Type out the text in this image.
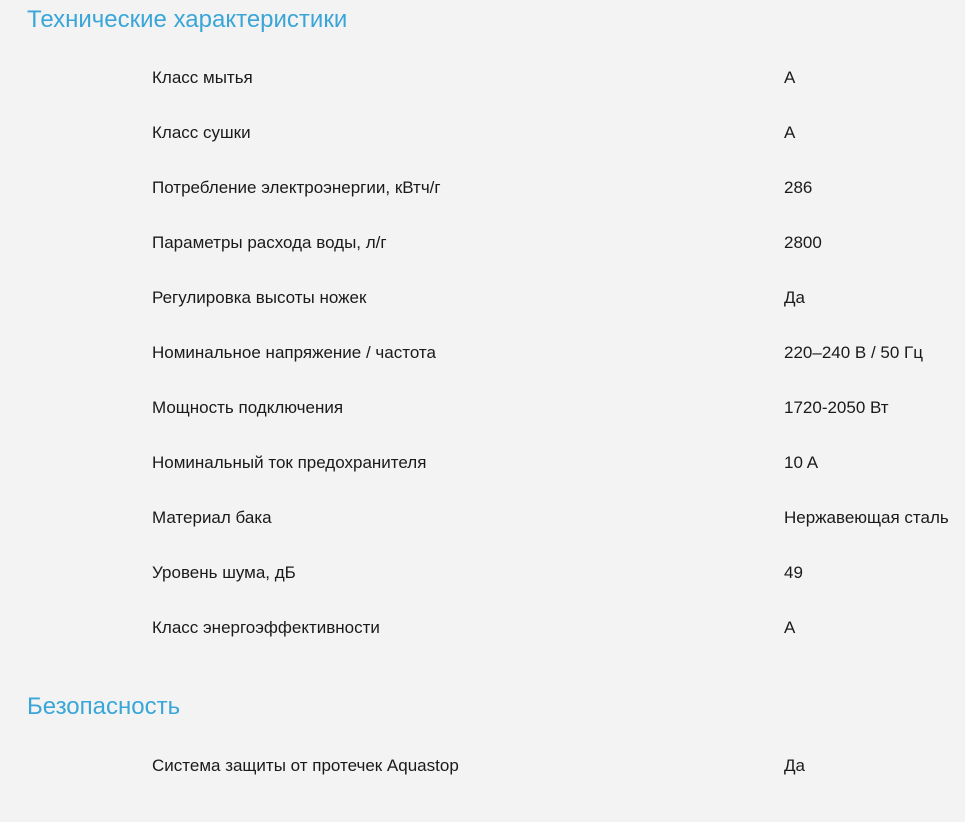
Технические характеристики
Класс мытья	A
Класс сушки	A
Потребление электроэнергии, кВтч/г	286
Параметры расхода воды, л/г	2800
Регулировка высоты ножек	Да
Номинальное напряжение / частота	220–240 В / 50 Гц
Мощность подключения	1720-2050 Вт
Номинальный ток предохранителя	10 A
Материал бака	Нержавеющая сталь
Уровень шума, дБ	49
Класс энергоэффективности	A
Безопасность
Система защиты от протечек Aquastop	Да
